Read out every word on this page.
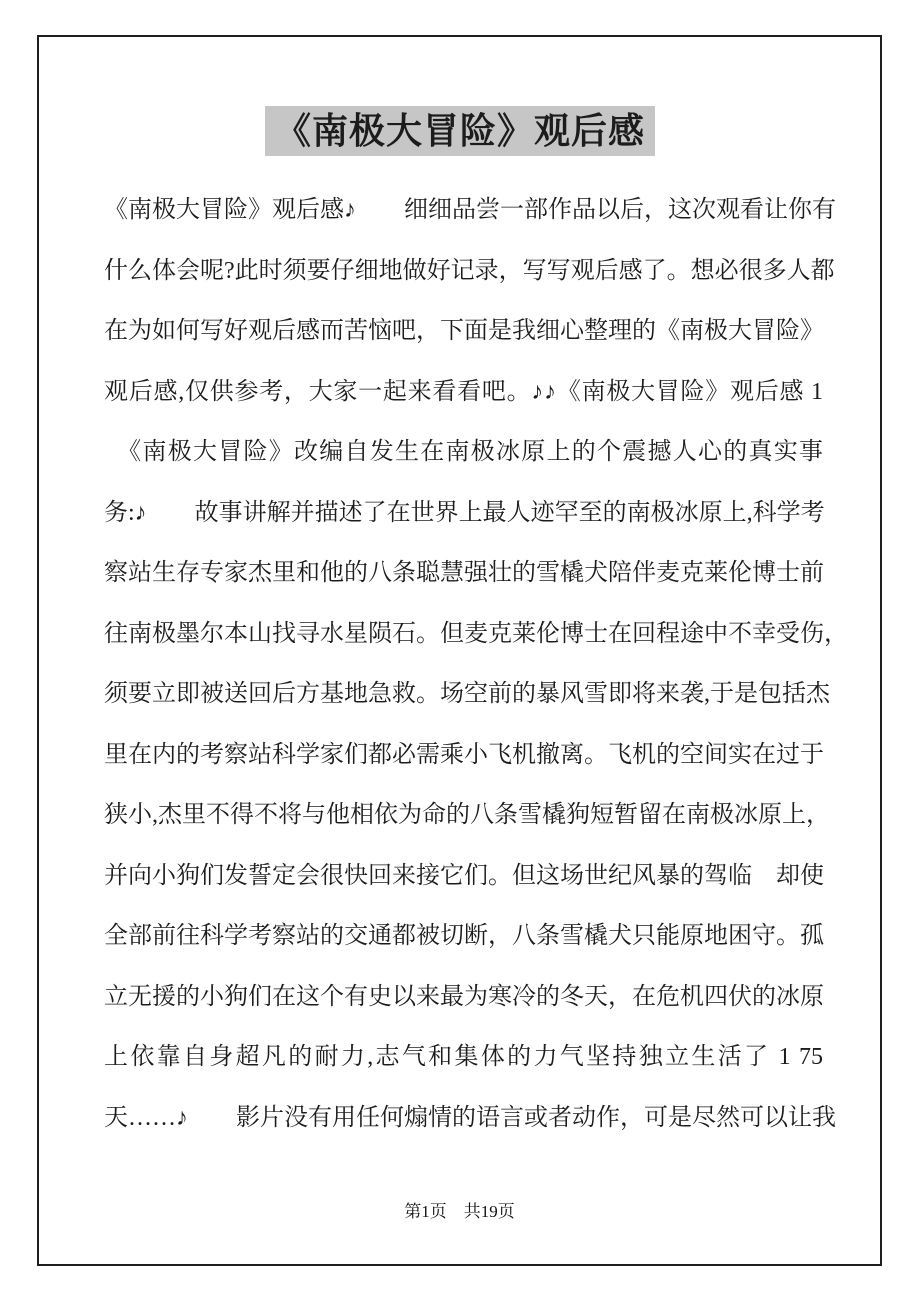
《南极大冒险》观后感
《南极大冒险》观后感♪　　细细品尝一部作品以后，这次观看让你有
什么体会呢?此时须要仔细地做好记录，写写观后感了。想必很多人都
在为如何写好观后感而苦恼吧，下面是我细心整理的《南极大冒险》
观后感,仅供参考，大家一起来看看吧。♪♪《南极大冒险》观后感 1
　《南极大冒险》改编自发生在南极冰原上的个震撼人心的真实事
务:♪　　故事讲解并描述了在世界上最人迹罕至的南极冰原上,科学考
察站生存专家杰里和他的八条聪慧强壮的雪橇犬陪伴麦克莱伦博士前
往南极墨尔本山找寻水星陨石。但麦克莱伦博士在回程途中不幸受伤，
须要立即被送回后方基地急救。场空前的暴风雪即将来袭,于是包括杰
里在内的考察站科学家们都必需乘小飞机撤离。飞机的空间实在过于
狭小,杰里不得不将与他相依为命的八条雪橇狗短暂留在南极冰原上，
并向小狗们发誓定会很快回来接它们。但这场世纪风暴的驾临　却使
全部前往科学考察站的交通都被切断，八条雪橇犬只能原地困守。孤
立无援的小狗们在这个有史以来最为寒冷的冬天，在危机四伏的冰原
上依靠自身超凡的耐力,志气和集体的力气坚持独立生活了 1 75
天……♪　　影片没有用任何煽情的语言或者动作，可是尽然可以让我
第1页　共19页
